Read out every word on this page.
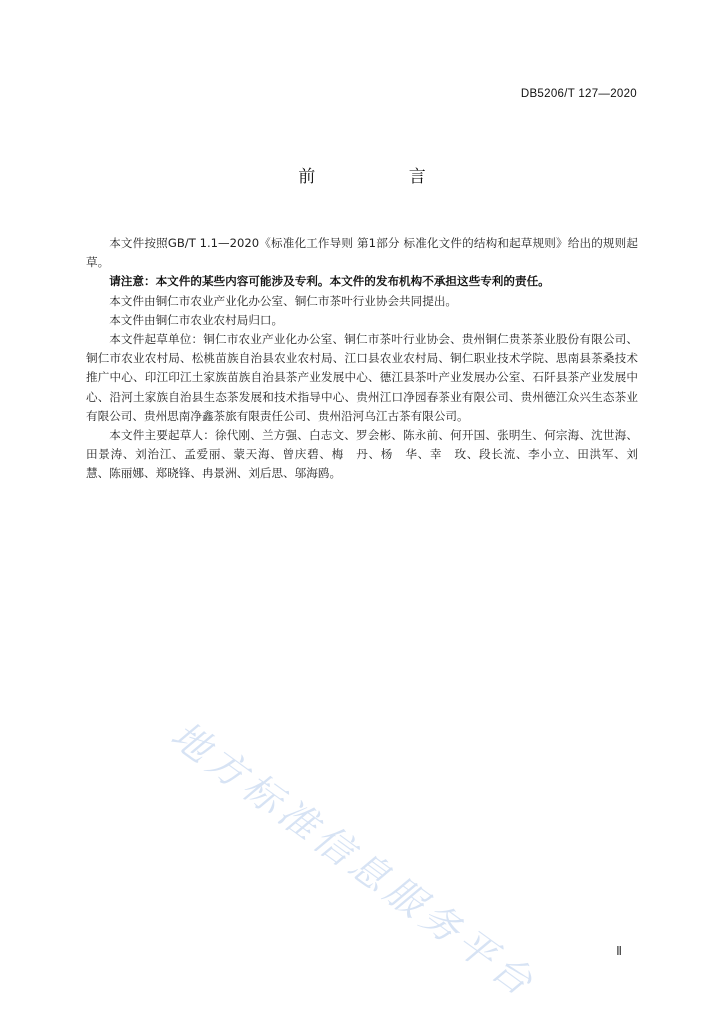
DB5206/T 127—2020
前 言

本文件按照GB/T 1.1—2020《标准化工作导则 第1部分 标准化文件的结构和起草规则》给出的规则起草。

请注意：本文件的某些内容可能涉及专利。本文件的发布机构不承担这些专利的责任。

本文件由铜仁市农业产业化办公室、铜仁市茶叶行业协会共同提出。

本文件由铜仁市农业农村局归口。

本文件起草单位：铜仁市农业产业化办公室、铜仁市茶叶行业协会、贵州铜仁贵茶茶业股份有限公司、铜仁市农业农村局、松桃苗族自治县农业农村局、江口县农业农村局、铜仁职业技术学院、思南县茶桑技术推广中心、印江印江土家族苗族自治县茶产业发展中心、德江县茶叶产业发展办公室、石阡县茶产业发展中心、沿河土家族自治县生态茶发展和技术指导中心、贵州江口净园春茶业有限公司、贵州德江众兴生态茶业有限公司、贵州思南净鑫茶旅有限责任公司、贵州沿河乌江古茶有限公司。

本文件主要起草人：徐代刚、兰方强、白志文、罗会彬、陈永前、何开国、张明生、何宗海、沈世海、田景涛、刘治江、孟爱丽、蒙天海、曾庆碧、梅　丹、杨　华、幸　玫、段长流、李小立、田洪军、刘　慧、陈丽娜、郑晓锋、冉景洲、刘后思、邬海鸥。

地方标准信息服务平台	Ⅱ
